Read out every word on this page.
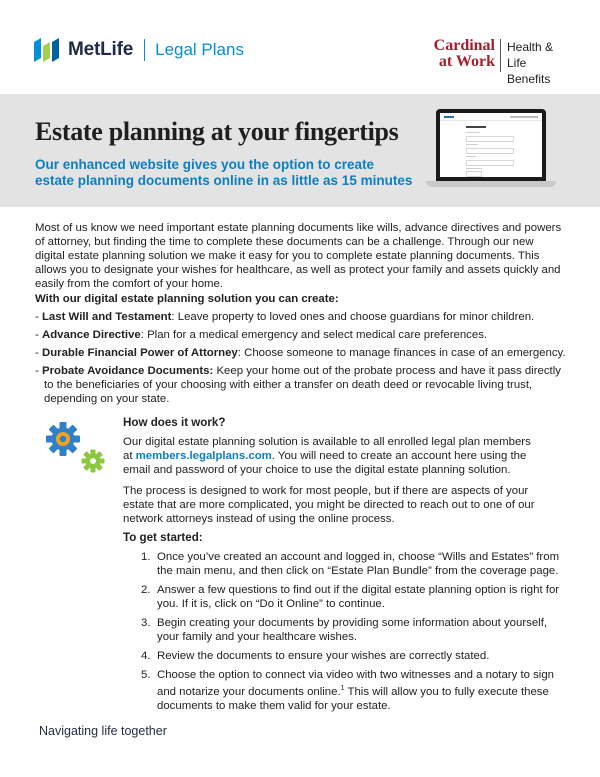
MetLife Legal Plans	Cardinal
at Work
Health & Life
Benefits
Estate planning at your fingertips
Our enhanced website gives you the option to create estate planning documents online in as little as 15 minutes
Most of us know we need important estate planning documents like wills, advance directives and powers of attorney, but finding the time to complete these documents can be a challenge. Through our new digital estate planning solution we make it easy for you to complete estate planning documents. This allows you to designate your wishes for healthcare, as well as protect your family and assets quickly and easily from the comfort of your home.
With our digital estate planning solution you can create:
- Last Will and Testament: Leave property to loved ones and choose guardians for minor children.
- Advance Directive: Plan for a medical emergency and select medical care preferences.
- Durable Financial Power of Attorney: Choose someone to manage finances in case of an emergency.
- Probate Avoidance Documents: Keep your home out of the probate process and have it pass directly to the beneficiaries of your choosing with either a transfer on death deed or revocable living trust, depending on your state.
How does it work?
Our digital estate planning solution is available to all enrolled legal plan members at members.legalplans.com. You will need to create an account here using the email and password of your choice to use the digital estate planning solution.
The process is designed to work for most people, but if there are aspects of your estate that are more complicated, you might be directed to reach out to one of our network attorneys instead of using the online process.
To get started:
1. Once you’ve created an account and logged in, choose “Wills and Estates” from the main menu, and then click on “Estate Plan Bundle” from the coverage page.
2. Answer a few questions to find out if the digital estate planning option is right for you. If it is, click on “Do it Online” to continue.
3. Begin creating your documents by providing some information about yourself, your family and your healthcare wishes.
4. Review the documents to ensure your wishes are correctly stated.
5. Choose the option to connect via video with two witnesses and a notary to sign and notarize your documents online.$^1$ This will allow you to fully execute these documents to make them valid for your estate.
Navigating life together
